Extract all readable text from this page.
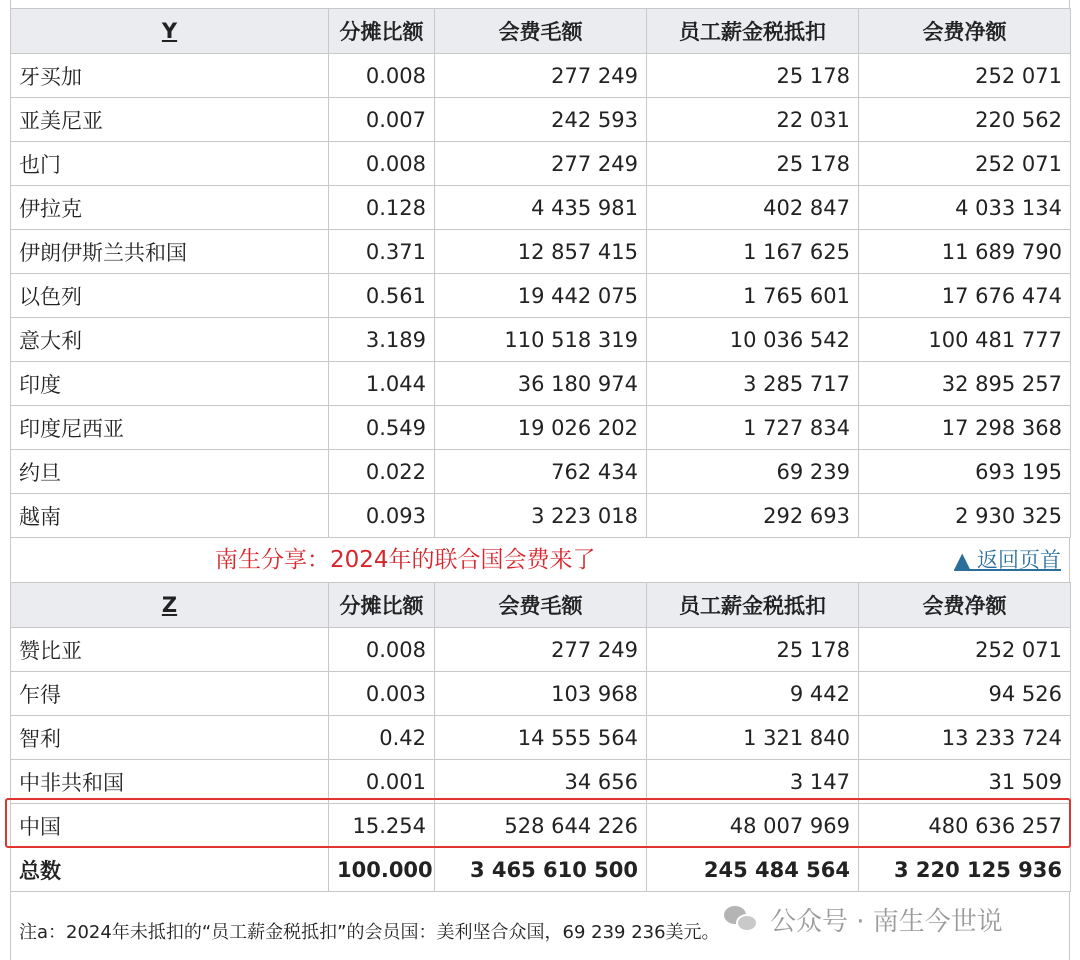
Y	分摊比额	会费毛额	员工薪金税抵扣	会费净额
牙买加	0.008	277 249	25 178	252 071
亚美尼亚	0.007	242 593	22 031	220 562
也门	0.008	277 249	25 178	252 071
伊拉克	0.128	4 435 981	402 847	4 033 134
伊朗伊斯兰共和国	0.371	12 857 415	1 167 625	11 689 790
以色列	0.561	19 442 075	1 765 601	17 676 474
意大利	3.189	110 518 319	10 036 542	100 481 777
印度	1.044	36 180 974	3 285 717	32 895 257
印度尼西亚	0.549	19 026 202	1 727 834	17 298 368
约旦	0.022	762 434	69 239	693 195
越南	0.093	3 223 018	292 693	2 930 325
南生分享：2024年的联合国会费来了	▲ 返回页首
Z	分摊比额	会费毛额	员工薪金税抵扣	会费净额
赞比亚	0.008	277 249	25 178	252 071
乍得	0.003	103 968	9 442	94 526
智利	0.42	14 555 564	1 321 840	13 233 724
中非共和国	0.001	34 656	3 147	31 509
中国	15.254	528 644 226	48 007 969	480 636 257
总数	100.000	3 465 610 500	245 484 564	3 220 125 936
注a：2024年未抵扣的“员工薪金税抵扣”的会员国：美利坚合众国，69 239 236美元。 公众号 · 南生今世说
